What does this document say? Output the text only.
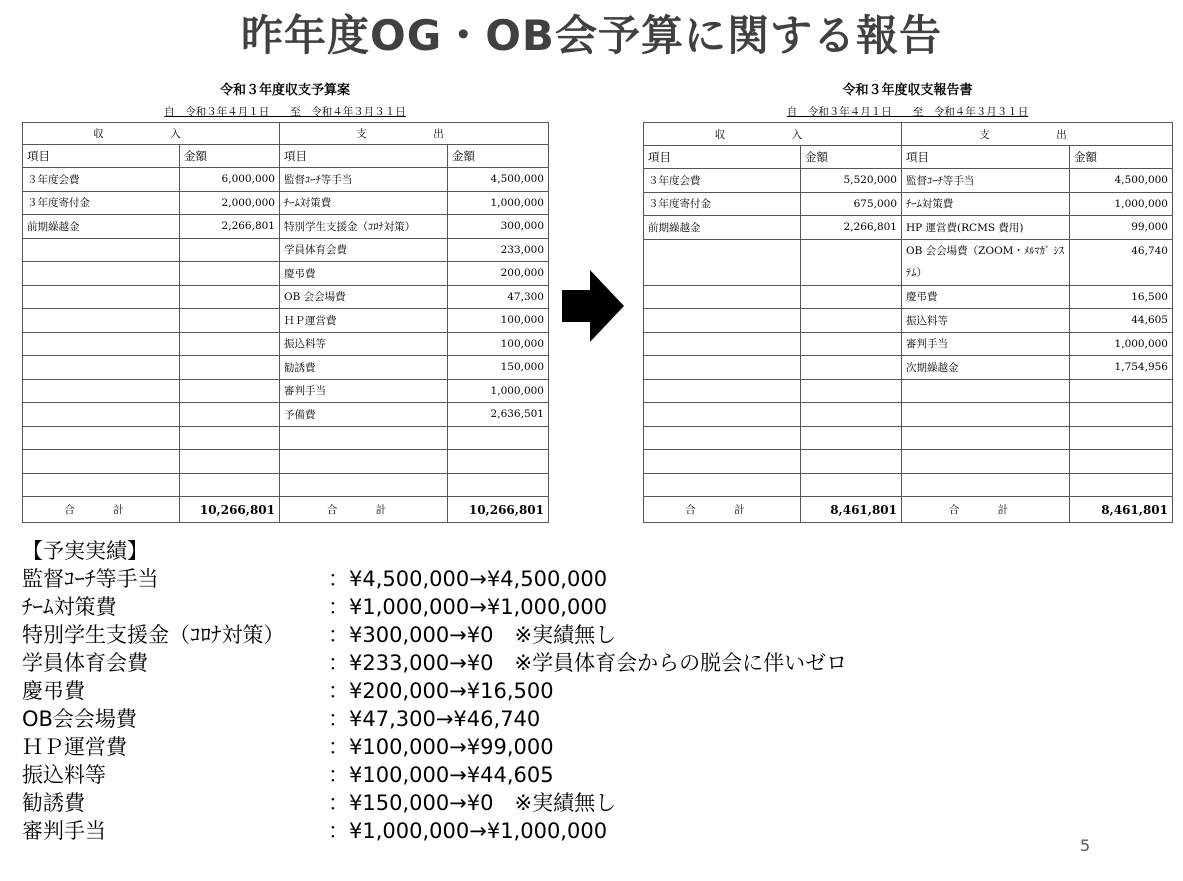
昨年度OG・OB会予算に関する報告
令和３年度収支予算案
自　令和３年４月１日　　至　令和４年３月３１日
収　入		支　出	
項目	金額	項目	金額
３年度会費	6,000,000	監督ｺｰﾁ等手当	4,500,000
３年度寄付金	2,000,000	ﾁｰﾑ対策費	1,000,000
前期繰越金	2,266,801	特別学生支援金（ｺﾛﾅ対策）	300,000
		学員体育会費	233,000
		慶弔費	200,000
		OB 会会場費	47,300
		ＨＰ運営費	100,000
		振込料等	100,000
		勧誘費	150,000
		審判手当	1,000,000
		予備費	2,636,501

合　計	10,266,801	合　計	10,266,801
令和３年度収支報告書
自　令和３年４月１日　　至　令和４年３月３１日
収　入		支　出	
項目	金額	項目	金額
３年度会費	5,520,000	監督ｺｰﾁ等手当	4,500,000
３年度寄付金	675,000	ﾁｰﾑ対策費	1,000,000
前期繰越金	2,266,801	HP 運営費(RCMS 費用)	99,000
		OB 会会場費（ZOOM・ﾒﾙﾏｶﾞ ｼｽﾃﾑ）	46,740
		慶弔費	16,500
		振込料等	44,605
		審判手当	1,000,000
		次期繰越金	1,754,956

合　計	8,461,801	合　計	8,461,801
【予実実績】
監督ｺｰﾁ等手当	：¥4,500,000→¥4,500,000
ﾁｰﾑ対策費	：¥1,000,000→¥1,000,000
特別学生支援金（ｺﾛﾅ対策）	：¥300,000→¥0　※実績無し
学員体育会費	：¥233,000→¥0　※学員体育会からの脱会に伴いゼロ
慶弔費	：¥200,000→¥16,500
OB会会場費	：¥47,300→¥46,740
ＨＰ運営費	：¥100,000→¥99,000
振込料等	：¥100,000→¥44,605
勧誘費	：¥150,000→¥0　※実績無し
審判手当	：¥1,000,000→¥1,000,000
5
